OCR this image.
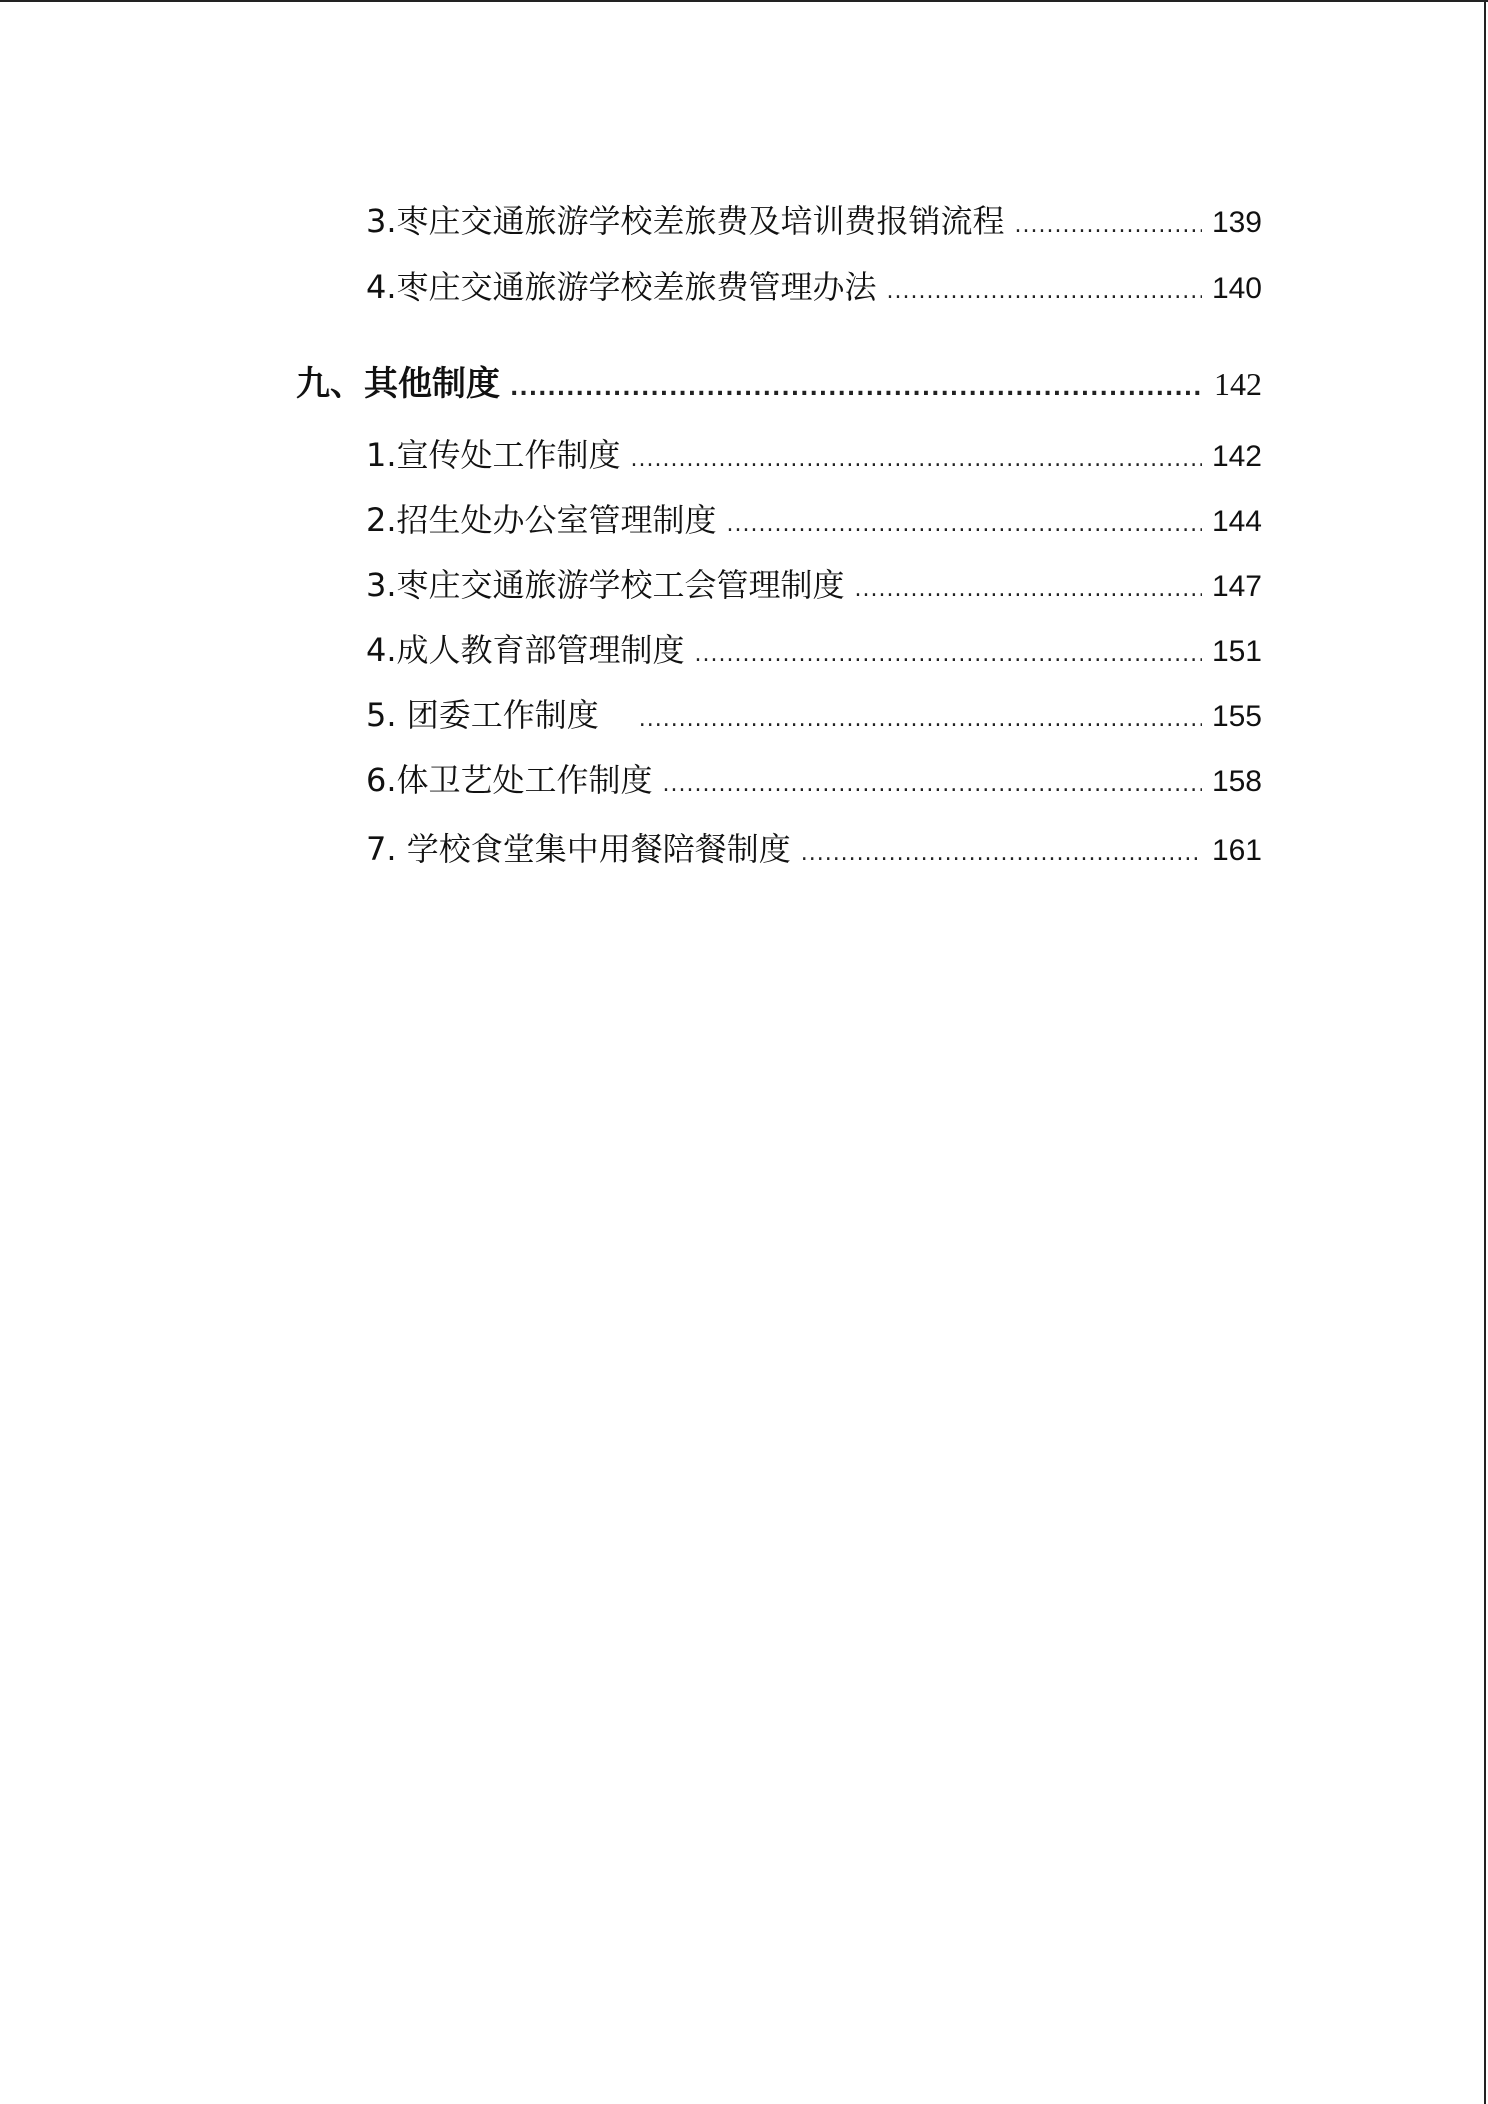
3.枣庄交通旅游学校差旅费及培训费报销流程 .....	139
4.枣庄交通旅游学校差旅费管理办法 .....	140
九、其他制度 .....	142
1.宣传处工作制度 .....	142
2.招生处办公室管理制度 .....	144
3.枣庄交通旅游学校工会管理制度 .....	147
4.成人教育部管理制度 .....	151
5. 团委工作制度 .....	155
6.体卫艺处工作制度 .....	158
7. 学校食堂集中用餐陪餐制度 .....	161
